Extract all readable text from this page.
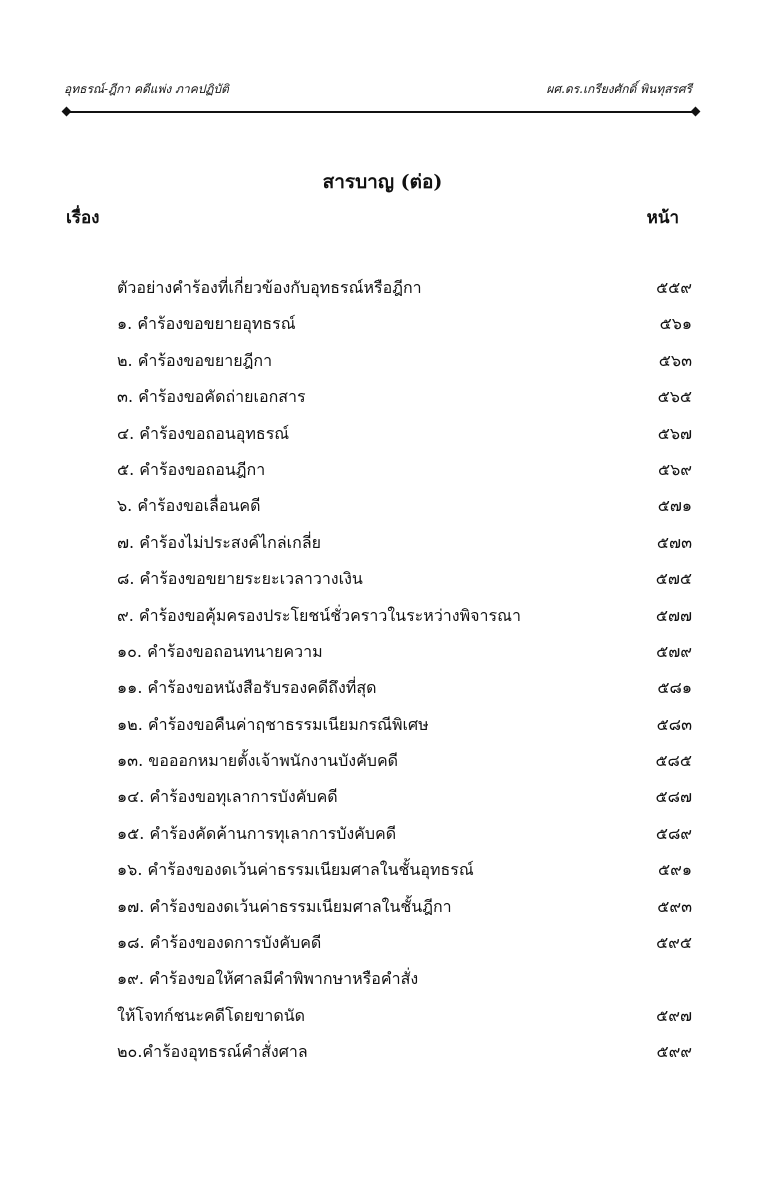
อุทธรณ์-ฎีกา คดีแพ่ง ภาคปฏิบัติ	ผศ.ดร.เกรียงศักดิ์ พินทุสรศรี
สารบาญ (ต่อ)
เรื่อง	หน้า
ตัวอย่างคำร้องที่เกี่ยวข้องกับอุทธรณ์หรือฎีกา	๕๕๙
๑. คำร้องขอขยายอุทธรณ์	๕๖๑
๒. คำร้องขอขยายฎีกา	๕๖๓
๓. คำร้องขอคัดถ่ายเอกสาร	๕๖๕
๔. คำร้องขอถอนอุทธรณ์	๕๖๗
๕. คำร้องขอถอนฎีกา	๕๖๙
๖. คำร้องขอเลื่อนคดี	๕๗๑
๗. คำร้องไม่ประสงค์ไกล่เกลี่ย	๕๗๓
๘. คำร้องขอขยายระยะเวลาวางเงิน	๕๗๕
๙. คำร้องขอคุ้มครองประโยชน์ชั่วคราวในระหว่างพิจารณา	๕๗๗
๑๐. คำร้องขอถอนทนายความ	๕๗๙
๑๑. คำร้องขอหนังสือรับรองคดีถึงที่สุด	๕๘๑
๑๒. คำร้องขอคืนค่าฤชาธรรมเนียมกรณีพิเศษ	๕๘๓
๑๓. ขอออกหมายตั้งเจ้าพนักงานบังคับคดี	๕๘๕
๑๔. คำร้องขอทุเลาการบังคับคดี	๕๘๗
๑๕. คำร้องคัดค้านการทุเลาการบังคับคดี	๕๘๙
๑๖. คำร้องของดเว้นค่าธรรมเนียมศาลในชั้นอุทธรณ์	๕๙๑
๑๗. คำร้องของดเว้นค่าธรรมเนียมศาลในชั้นฎีกา	๕๙๓
๑๘. คำร้องของดการบังคับคดี	๕๙๕
๑๙. คำร้องขอให้ศาลมีคำพิพากษาหรือคำสั่ง
ให้โจทก์ชนะคดีโดยขาดนัด	๕๙๗
๒๐.คำร้องอุทธรณ์คำสั่งศาล	๕๙๙
